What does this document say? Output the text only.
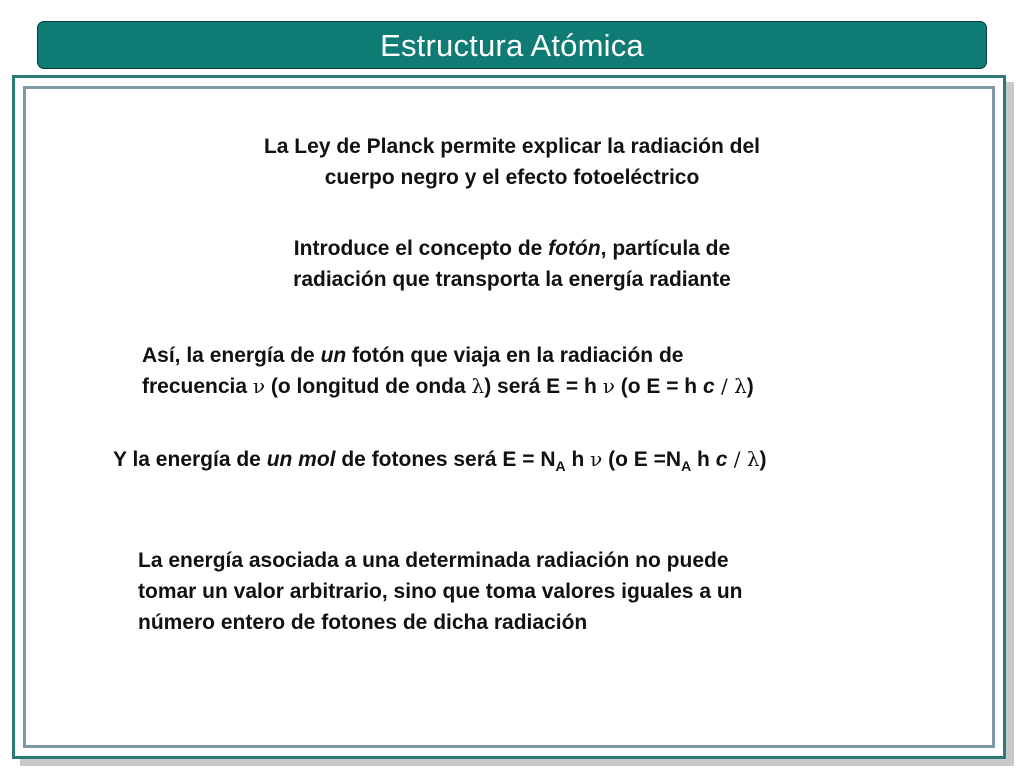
Estructura Atómica
La Ley de Planck permite explicar la radiación del
cuerpo negro y el efecto fotoeléctrico
Introduce el concepto de fotón, partícula de
radiación que transporta la energía radiante
Así, la energía de un fotón que viaja en la radiación de
frecuencia ν (o longitud de onda λ) será E = h ν (o E = h c / λ)
Y la energía de un mol de fotones será $E = N_A$ h ν (o $E =N_A$ h c / λ)
La energía asociada a una determinada radiación no puede
tomar un valor arbitrario, sino que toma valores iguales a un
número entero de fotones de dicha radiación
